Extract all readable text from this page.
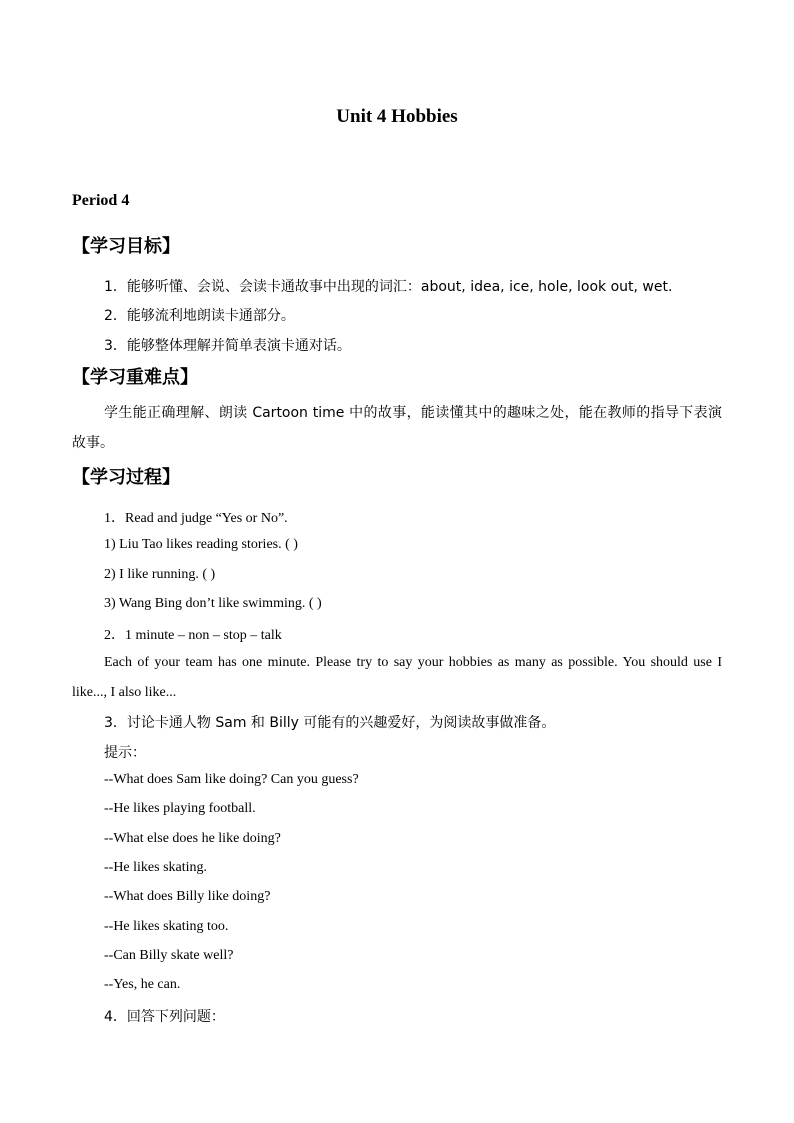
Unit 4 Hobbies
Period 4
【学习目标】
1．能够听懂、会说、会读卡通故事中出现的词汇：about, idea, ice, hole, look out, wet.
2．能够流利地朗读卡通部分。
3．能够整体理解并简单表演卡通对话。
【学习重难点】
学生能正确理解、朗读 Cartoon time 中的故事，能读懂其中的趣味之处，能在教师的指导下表演故事。
【学习过程】
1．Read and judge “Yes or No”.
1) Liu Tao likes reading stories. ( )
2) I like running. ( )
3) Wang Bing don’t like swimming. ( )
2．1 minute – non – stop – talk
Each of your team has one minute. Please try to say your hobbies as many as possible. You should use I like..., I also like...
3．讨论卡通人物 Sam 和 Billy 可能有的兴趣爱好，为阅读故事做准备。
提示：
--What does Sam like doing? Can you guess?
--He likes playing football.
--What else does he like doing?
--He likes skating.
--What does Billy like doing?
--He likes skating too.
--Can Billy skate well?
--Yes, he can.
4．回答下列问题：
